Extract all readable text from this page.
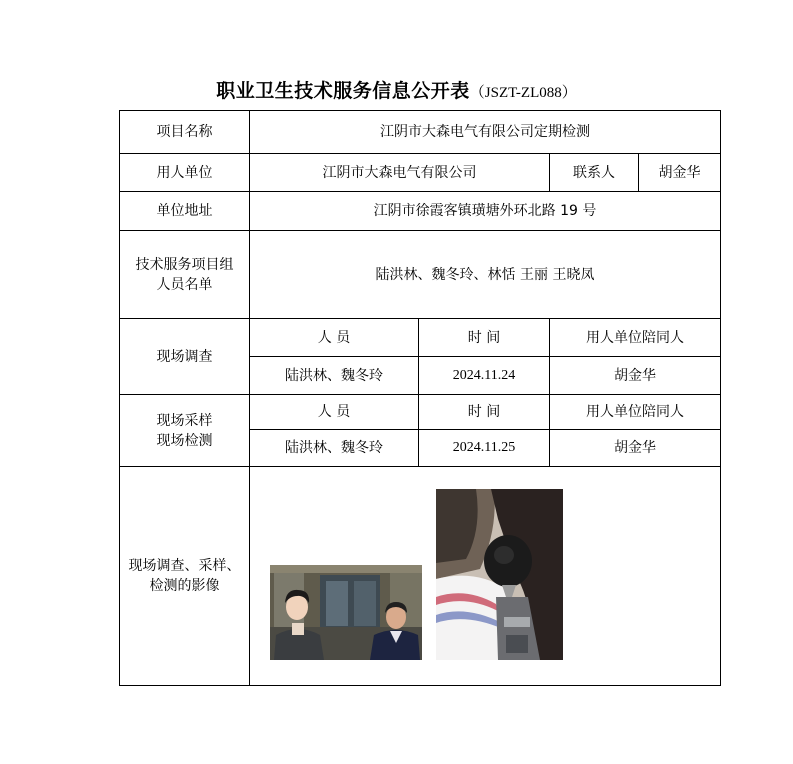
职业卫生技术服务信息公开表（JSZT-ZL088）
项目名称	江阴市大森电气有限公司定期检测			
用人单位	江阴市大森电气有限公司		联系人	胡金华
单位地址	江阴市徐霞客镇璜塘外环北路 19 号			

技术服务项目组
人员名单	陆洪林、魏冬玲、林恬 王丽 王晓凤			
现场调查	人 员	时 间	用人单位陪同人	
	陆洪林、魏冬玲	2024.11.24	胡金华	

现场采样
现场检测	人 员	时 间	用人单位陪同人	
	陆洪林、魏冬玲	2024.11.25	胡金华	

现场调查、采样、
检测的影像
